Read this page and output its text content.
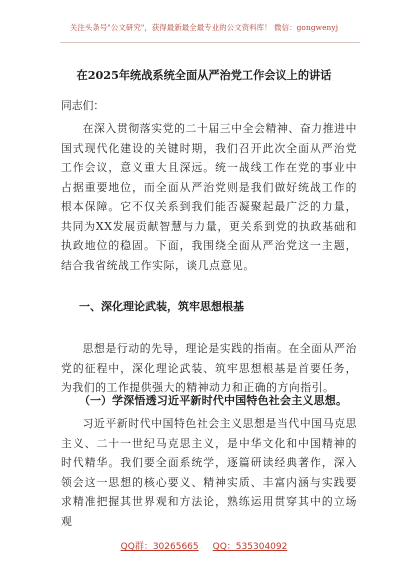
关注头条号"公文研究"，获得最新最全最专业的公文资料库！ 微信：gongwenyj
在2025年统战系统全面从严治党工作会议上的讲话
同志们：

在深入贯彻落实党的二十届三中全会精神、奋力推进中国式现代化建设的关键时期，我们召开此次全面从严治党工作会议，意义重大且深远。统一战线工作在党的事业中占据重要地位，而全面从严治党则是我们做好统战工作的根本保障。它不仅关系到我们能否凝聚起最广泛的力量，共同为XX发展贡献智慧与力量，更关系到党的执政基础和执政地位的稳固。下面，我围绕全面从严治党这一主题，结合我省统战工作实际，谈几点意见。

一、深化理论武装，筑牢思想根基

思想是行动的先导，理论是实践的指南。在全面从严治党的征程中，深化理论武装、筑牢思想根基是首要任务，为我们的工作提供强大的精神动力和正确的方向指引。

（一）学深悟透习近平新时代中国特色社会主义思想。

习近平新时代中国特色社会主义思想是当代中国马克思主义、二十一世纪马克思主义，是中华文化和中国精神的时代精华。我们要全面系统学，逐篇研读经典著作，深入领会这一思想的核心要义、精神实质、丰富内涵与实践要求精准把握其世界观和方法论，熟练运用贯穿其中的立场观

QQ群：30265665 QQ：535304092
